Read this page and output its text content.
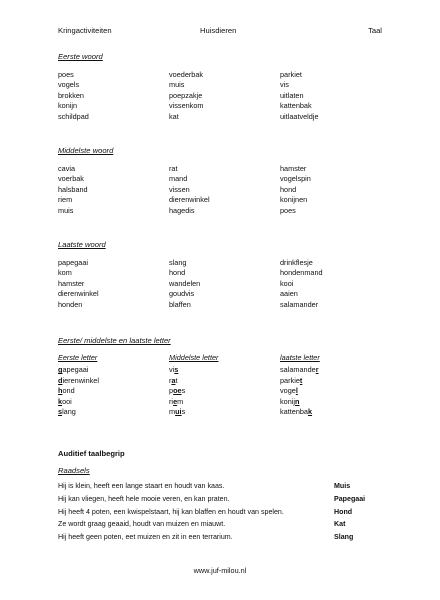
Kringactiviteiten	Huisdieren	Taal
Eerste woord
poes	voederbak	parkiet
vogels	muis	vis
brokken	poepzakje	uitlaten
konijn	vissenkom	kattenbak
schildpad	kat	uitlaatveldje
Middelste woord
cavia	rat	hamster
voerbak	mand	vogelspin
halsband	vissen	hond
riem	dierenwinkel	konijnen
muis	hagedis	poes
Laatste woord
papegaai	slang	drinkflesje
kom	hond	hondenmand
hamster	wandelen	kooi
dierenwinkel	goudvis	aaien
honden	blaffen	salamander
Eerste/ middelste en laatste letter
Eerste letter	Middelste letter	laatste letter
gapegaai	vis	salamander
dierenwinkel	rat	parkiet
hond	poes	vogel
kooi	riem	konijn
slang	muis	kattenbak
Auditief taalbegrip
Raadsels
Hij is klein, heeft een lange staart en houdt van kaas.	Muis
Hij kan vliegen, heeft hele mooie veren, en kan praten.	Papegaai
Hij heeft 4 poten, een kwispelstaart, hij kan blaffen en houdt van spelen.	Hond
Ze wordt graag geaaid, houdt van muizen en miauwt.	Kat
Hij heeft geen poten, eet muizen en zit in een terrarium.	Slang
www.juf-milou.nl
